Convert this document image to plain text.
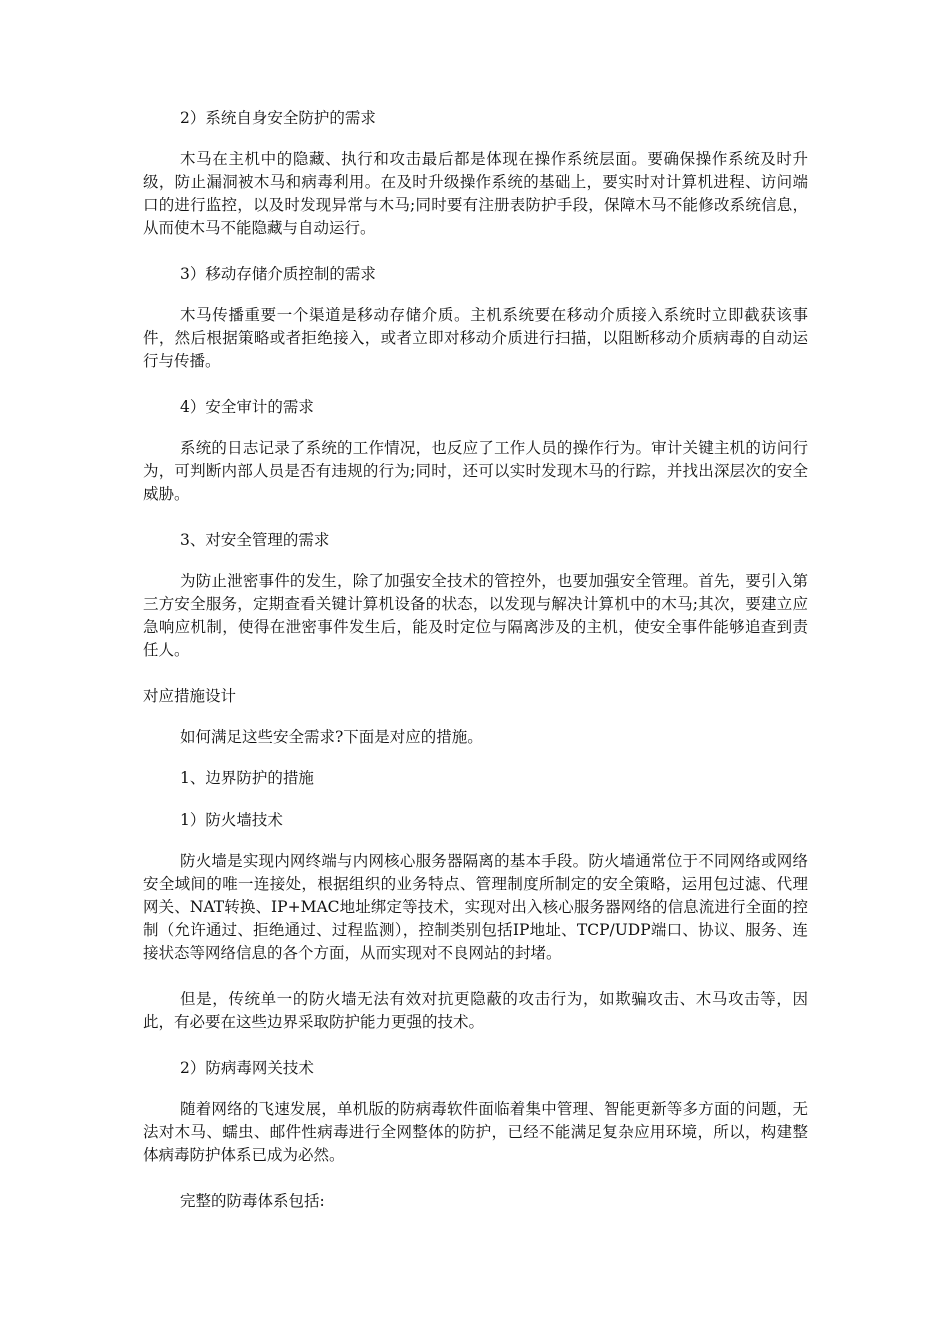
2）系统自身安全防护的需求

木马在主机中的隐藏、执行和攻击最后都是体现在操作系统层面。要确保操作系统及时升级，防止漏洞被木马和病毒利用。在及时升级操作系统的基础上，要实时对计算机进程、访问端口的进行监控，以及时发现异常与木马;同时要有注册表防护手段，保障木马不能修改系统信息，从而使木马不能隐藏与自动运行。

3）移动存储介质控制的需求

木马传播重要一个渠道是移动存储介质。主机系统要在移动介质接入系统时立即截获该事件，然后根据策略或者拒绝接入，或者立即对移动介质进行扫描，以阻断移动介质病毒的自动运行与传播。

4）安全审计的需求

系统的日志记录了系统的工作情况，也反应了工作人员的操作行为。审计关键主机的访问行为，可判断内部人员是否有违规的行为;同时，还可以实时发现木马的行踪，并找出深层次的安全威胁。

3、对安全管理的需求

为防止泄密事件的发生，除了加强安全技术的管控外，也要加强安全管理。首先，要引入第三方安全服务，定期查看关键计算机设备的状态，以发现与解决计算机中的木马;其次，要建立应急响应机制，使得在泄密事件发生后，能及时定位与隔离涉及的主机，使安全事件能够追查到责任人。

对应措施设计

如何满足这些安全需求?下面是对应的措施。

1、边界防护的措施

1）防火墙技术

防火墙是实现内网终端与内网核心服务器隔离的基本手段。防火墙通常位于不同网络或网络安全域间的唯一连接处，根据组织的业务特点、管理制度所制定的安全策略，运用包过滤、代理网关、NAT转换、IP+MAC地址绑定等技术，实现对出入核心服务器网络的信息流进行全面的控制（允许通过、拒绝通过、过程监测），控制类别包括IP地址、TCP/UDP端口、协议、服务、连接状态等网络信息的各个方面，从而实现对不良网站的封堵。

但是，传统单一的防火墙无法有效对抗更隐蔽的攻击行为，如欺骗攻击、木马攻击等，因此，有必要在这些边界采取防护能力更强的技术。

2）防病毒网关技术

随着网络的飞速发展，单机版的防病毒软件面临着集中管理、智能更新等多方面的问题，无法对木马、蠕虫、邮件性病毒进行全网整体的防护，已经不能满足复杂应用环境，所以，构建整体病毒防护体系已成为必然。

完整的防毒体系包括:
